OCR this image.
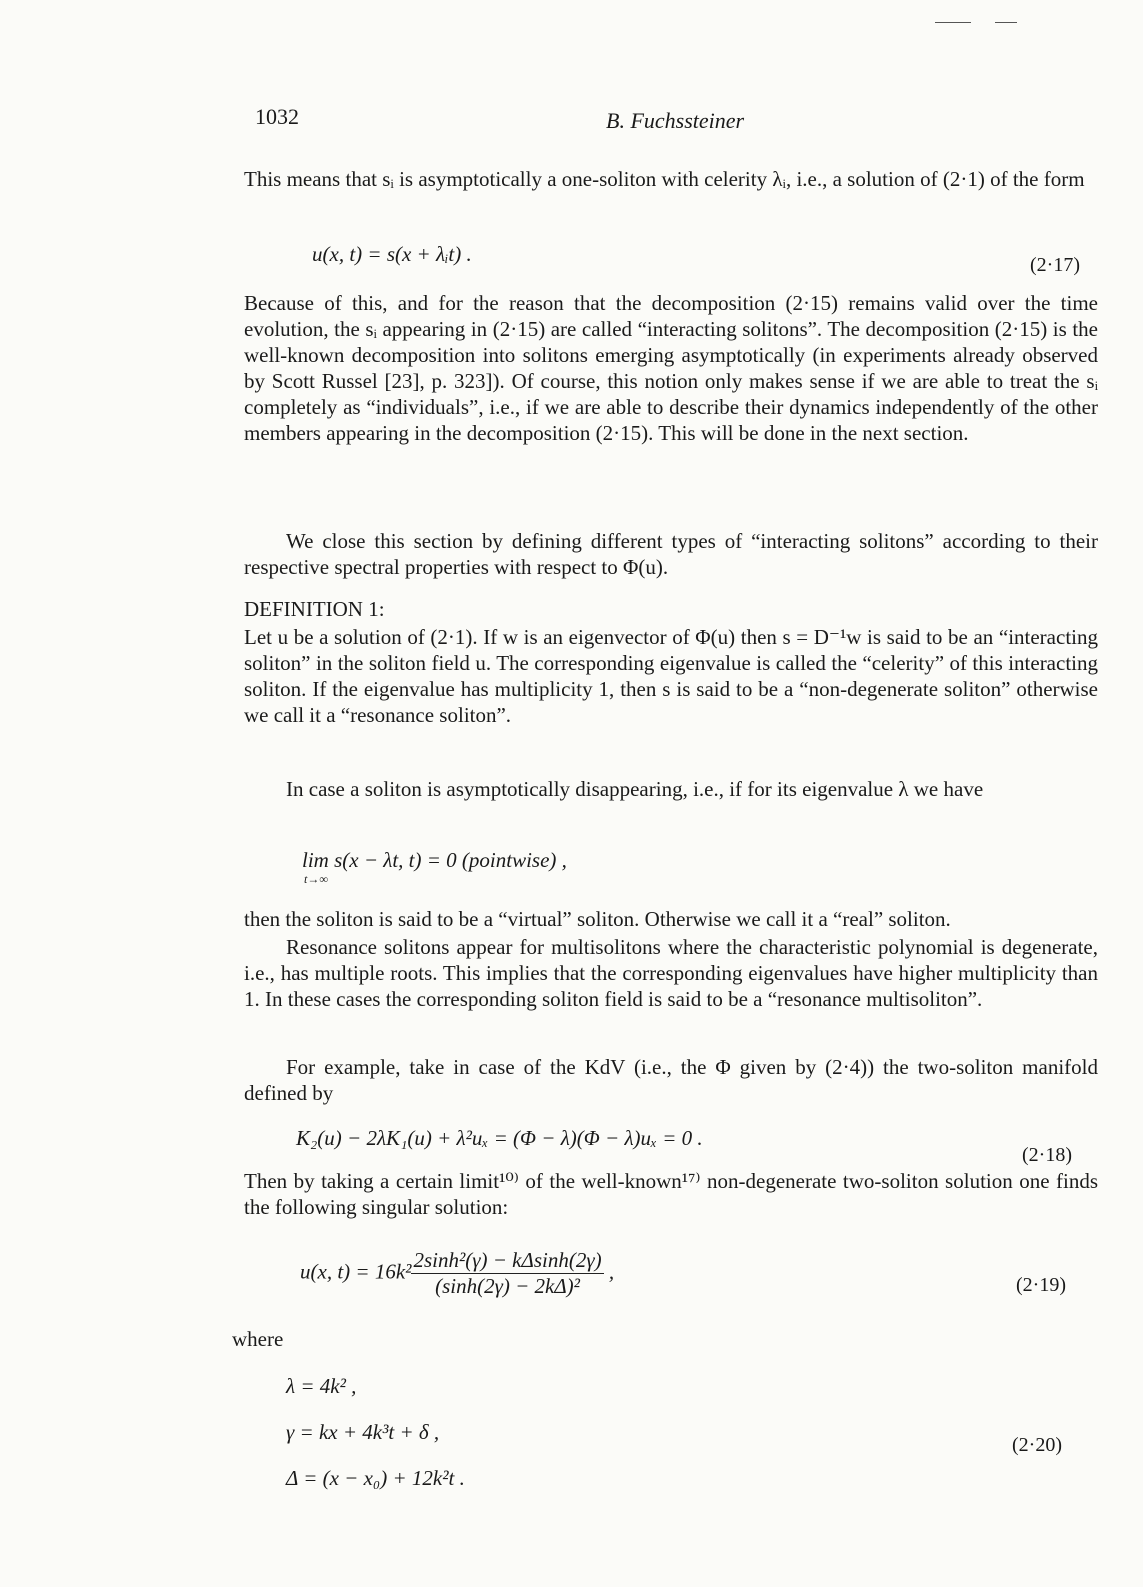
1032	B. Fuchssteiner
This means that sᵢ is asymptotically a one-soliton with celerity λᵢ, i.e., a solution of (2·1) of the form
u(x, t) = s(x + λᵢt) .	(2·17)
Because of this, and for the reason that the decomposition (2·15) remains valid over the time evolution, the sᵢ appearing in (2·15) are called “interacting solitons”. The decomposition (2·15) is the well-known decomposition into solitons emerging asymptotically (in experiments already observed by Scott Russel [23], p. 323]). Of course, this notion only makes sense if we are able to treat the sᵢ completely as “individuals”, i.e., if we are able to describe their dynamics independently of the other members appearing in the decomposition (2·15). This will be done in the next section.
We close this section by defining different types of “interacting solitons” according to their respective spectral properties with respect to Φ(u).
DEFINITION 1:
Let u be a solution of (2·1). If w is an eigenvector of Φ(u) then s = D⁻¹w is said to be an “interacting soliton” in the soliton field u. The corresponding eigenvalue is called the “celerity” of this interacting soliton. If the eigenvalue has multiplicity 1, then s is said to be a “non-degenerate soliton” otherwise we call it a “resonance soliton”.
In case a soliton is asymptotically disappearing, i.e., if for its eigenvalue λ we have
lim s(x − λt, t) = 0 (pointwise) ,
t→∞
then the soliton is said to be a “virtual” soliton. Otherwise we call it a “real” soliton.
Resonance solitons appear for multisolitons where the characteristic polynomial is degenerate, i.e., has multiple roots. This implies that the corresponding eigenvalues have higher multiplicity than 1. In these cases the corresponding soliton field is said to be a “resonance multisoliton”.
For example, take in case of the KdV (i.e., the Φ given by (2·4)) the two-soliton manifold defined by
K₂(u) − 2λK₁(u) + λ²uₓ = (Φ − λ)(Φ − λ)uₓ = 0 .
(2·18)
Then by taking a certain limit¹⁰⁾ of the well-known¹⁷⁾ non-degenerate two-soliton solution one finds the following singular solution:
u(x, $t) = 16k^2 \frac{\text{2sinh²(γ) − kΔsinh(2γ)}}{\text{(sinh(2γ) − 2kΔ)²}}$ ,
(2·19)
where
λ = 4k² ,
γ = kx + 4k³t + δ ,
Δ = (x − x₀) + 12k²t .
(2·20)
